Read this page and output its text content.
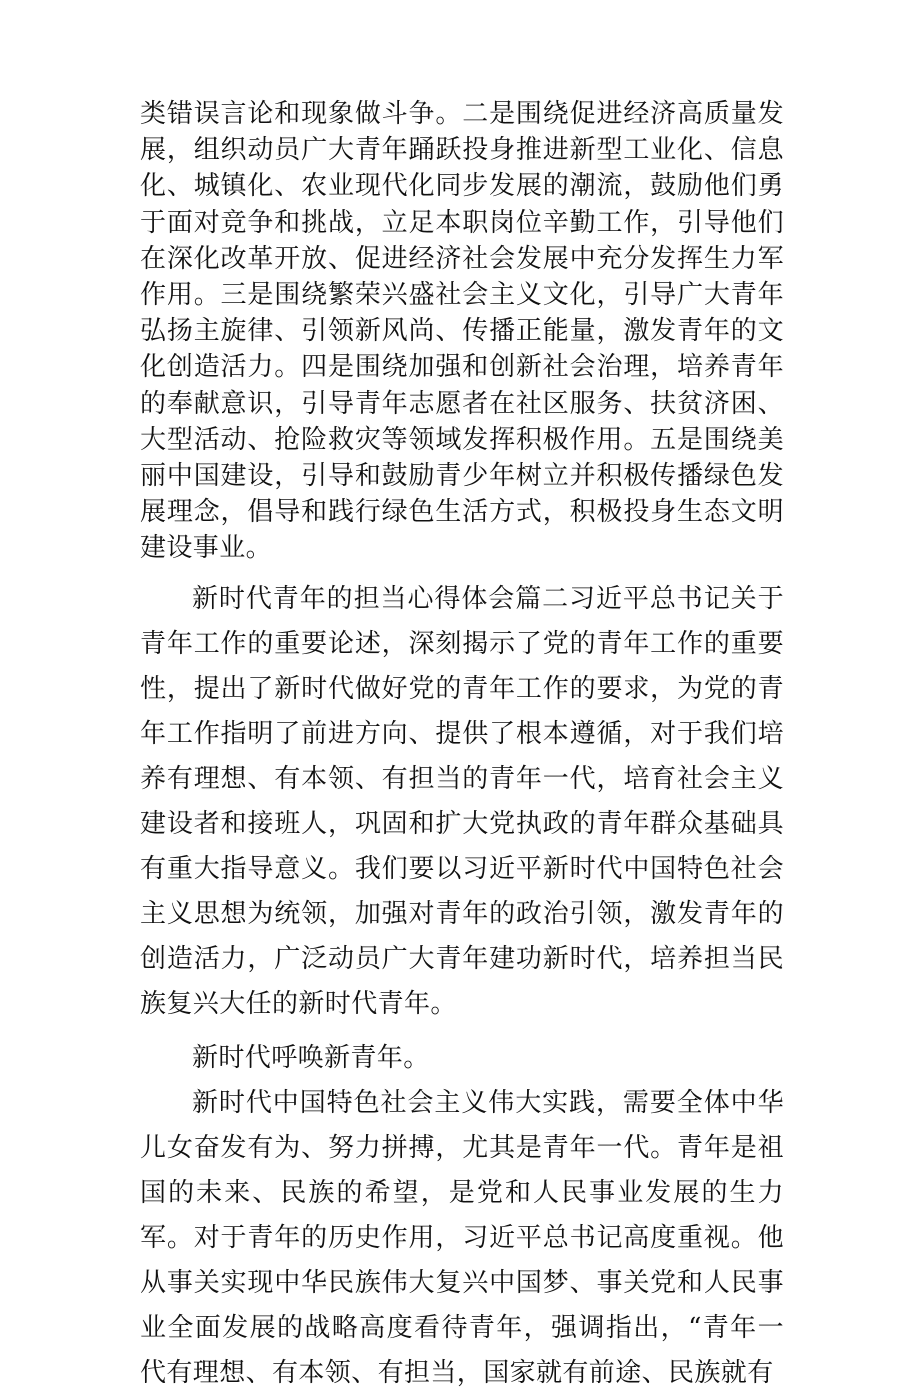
类错误言论和现象做斗争。二是围绕促进经济高质量发展，组织动员广大青年踊跃投身推进新型工业化、信息化、城镇化、农业现代化同步发展的潮流，鼓励他们勇于面对竞争和挑战，立足本职岗位辛勤工作，引导他们在深化改革开放、促进经济社会发展中充分发挥生力军作用。三是围绕繁荣兴盛社会主义文化，引导广大青年弘扬主旋律、引领新风尚、传播正能量，激发青年的文化创造活力。四是围绕加强和创新社会治理，培养青年的奉献意识，引导青年志愿者在社区服务、扶贫济困、大型活动、抢险救灾等领域发挥积极作用。五是围绕美丽中国建设，引导和鼓励青少年树立并积极传播绿色发展理念，倡导和践行绿色生活方式，积极投身生态文明建设事业。

新时代青年的担当心得体会篇二习近平总书记关于青年工作的重要论述，深刻揭示了党的青年工作的重要性，提出了新时代做好党的青年工作的要求，为党的青年工作指明了前进方向、提供了根本遵循，对于我们培养有理想、有本领、有担当的青年一代，培育社会主义建设者和接班人，巩固和扩大党执政的青年群众基础具有重大指导意义。我们要以习近平新时代中国特色社会主义思想为统领，加强对青年的政治引领，激发青年的创造活力，广泛动员广大青年建功新时代，培养担当民族复兴大任的新时代青年。

新时代呼唤新青年。

新时代中国特色社会主义伟大实践，需要全体中华儿女奋发有为、努力拼搏，尤其是青年一代。青年是祖国的未来、民族的希望，是党和人民事业发展的生力军。对于青年的历史作用，习近平总书记高度重视。他从事关实现中华民族伟大复兴中国梦、事关党和人民事业全面发展的战略高度看待青年，强调指出，“青年一代有理想、有本领、有担当，国家就有前途、民族就有
